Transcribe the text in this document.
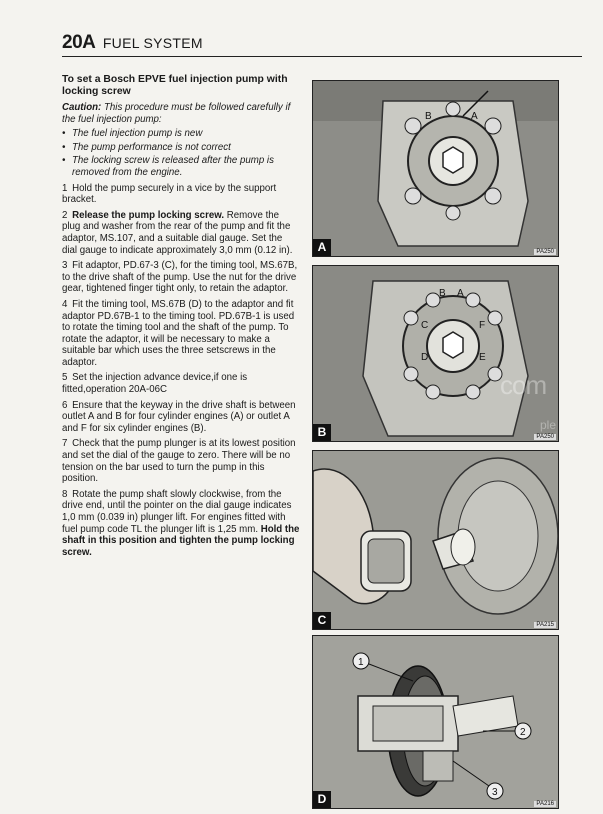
20A FUEL SYSTEM

To set a Bosch EPVE fuel injection pump with locking screw

Caution: This procedure must be followed carefully if the fuel injection pump:

• The fuel injection pump is new

• The pump performance is not correct

• The locking screw is released after the pump is removed from the engine.

1 Hold the pump securely in a vice by the support bracket.

2 Release the pump locking screw. Remove the plug and washer from the rear of the pump and fit the adaptor, MS.107, and a suitable dial gauge. Set the dial gauge to indicate approximately 3,0 mm (0.12 in).

3 Fit adaptor, PD.67-3 (C), for the timing tool, MS.67B, to the drive shaft of the pump. Use the nut for the drive gear, tightened finger tight only, to retain the adaptor.

4 Fit the timing tool, MS.67B (D) to the adaptor and fit adaptor PD.67B-1 to the timing tool. PD.67B-1 is used to rotate the timing tool and the shaft of the pump. To rotate the adaptor, it will be necessary to make a suitable bar which uses the three setscrews in the adaptor.

5 Set the injection advance device,if one is fitted,operation 20A-06C

6 Ensure that the keyway in the drive shaft is between outlet A and B for four cylinder engines (A) or outlet A and F for six cylinder engines (B).

7 Check that the pump plunger is at its lowest position and set the dial of the gauge to zero. There will be no tension on the bar used to turn the pump in this position.

8 Rotate the pump shaft slowly clockwise, from the drive end, until the pointer on the dial gauge indicates 1,0 mm (0.039 in) plunger lift. For engines fitted with fuel pump code TL the plunger lift is 1,25 mm. Hold the shaft in this position and tighten the pump locking screw.

B	A
A	PA250
B A
C	F
D	E
B	PA250
C	PA215
1
2
3
D	PA216
com
ple
